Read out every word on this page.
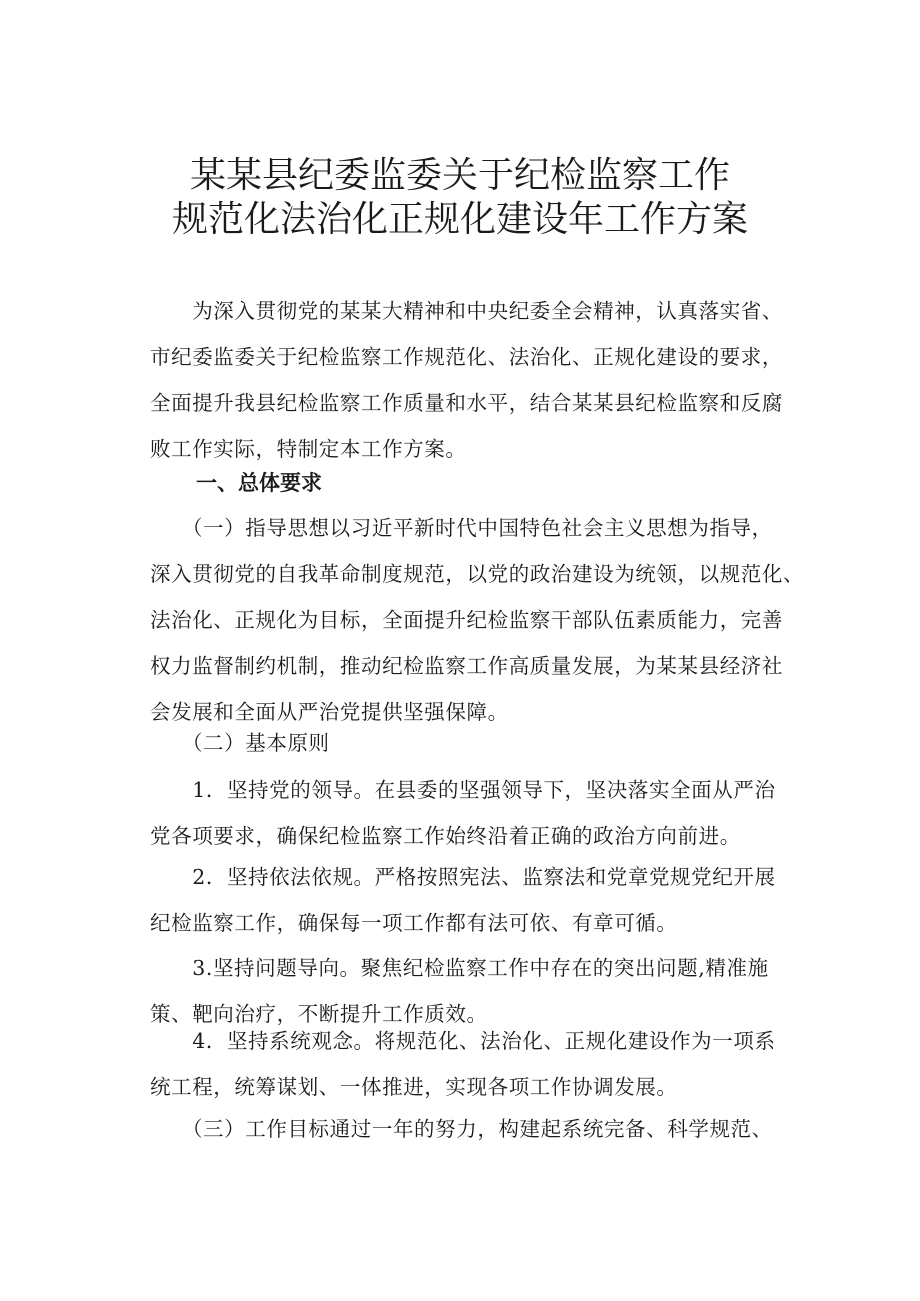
某某县纪委监委关于纪检监察工作
规范化法治化正规化建设年工作方案
　　为深入贯彻党的某某大精神和中央纪委全会精神，认真落实省、
市纪委监委关于纪检监察工作规范化、法治化、正规化建设的要求，
全面提升我县纪检监察工作质量和水平，结合某某县纪检监察和反腐
败工作实际，特制定本工作方案。
一、总体要求
　　（一）指导思想以习近平新时代中国特色社会主义思想为指导，
深入贯彻党的自我革命制度规范，以党的政治建设为统领，以规范化、
法治化、正规化为目标，全面提升纪检监察干部队伍素质能力，完善
权力监督制约机制，推动纪检监察工作高质量发展，为某某县经济社
会发展和全面从严治党提供坚强保障。
　　（二）基本原则
　　1．坚持党的领导。在县委的坚强领导下，坚决落实全面从严治
党各项要求，确保纪检监察工作始终沿着正确的政治方向前进。
　　2．坚持依法依规。严格按照宪法、监察法和党章党规党纪开展
纪检监察工作，确保每一项工作都有法可依、有章可循。
　　3.坚持问题导向。聚焦纪检监察工作中存在的突出问题,精准施
策、靶向治疗，不断提升工作质效。
　　4．坚持系统观念。将规范化、法治化、正规化建设作为一项系
统工程，统筹谋划、一体推进，实现各项工作协调发展。
　　（三）工作目标通过一年的努力，构建起系统完备、科学规范、
